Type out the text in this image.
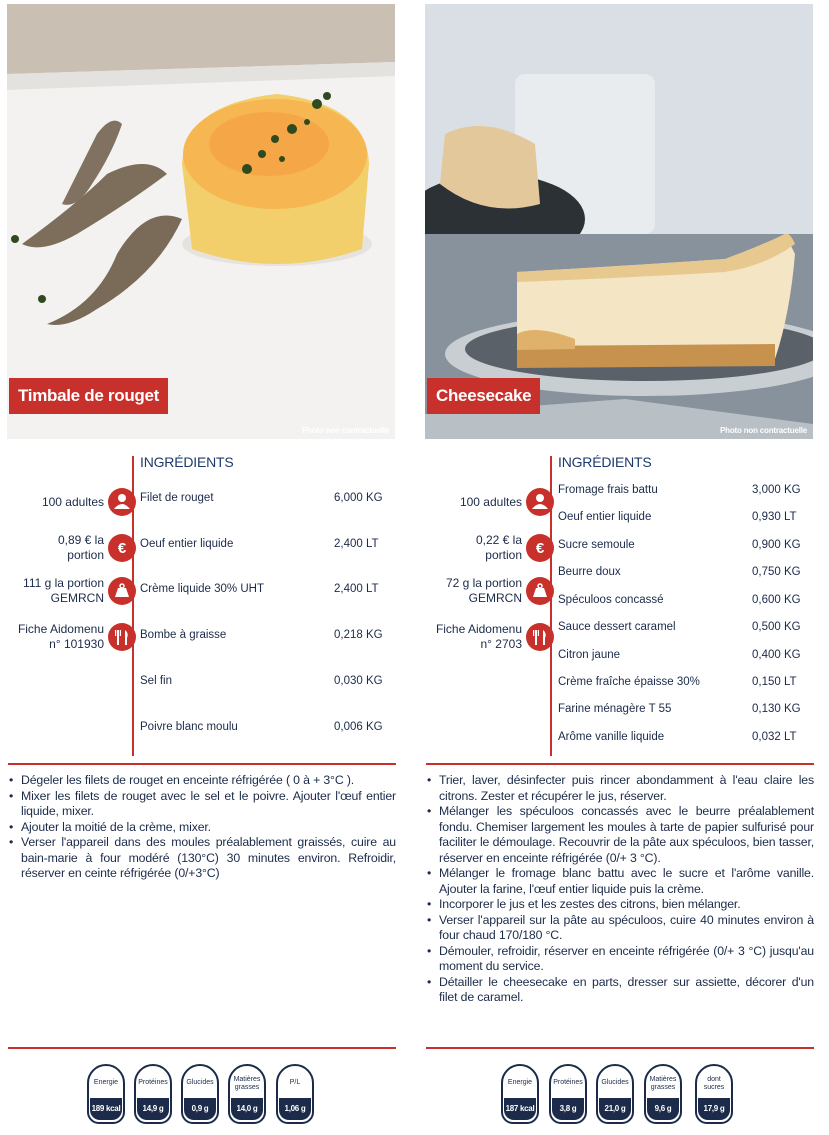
Timbale de rouget
Photo non contractuelle
100 adultes
0,89 € la
portion €
111 g la portion
GEMRCN
Fiche Aidomenu
n° 101930
INGRÉDIENTS
Filet de rouget	6,000 KG
Oeuf entier liquide	2,400 LT
Crème liquide 30% UHT	2,400 LT
Bombe à graisse	0,218 KG
Sel fin	0,030 KG
Poivre blanc moulu	0,006 KG
• Dégeler les filets de rouget en enceinte réfrigérée ( 0 à + 3°C ).
• Mixer les filets de rouget avec le sel et le poivre. Ajouter l'œuf entier liquide, mixer.
• Ajouter la moitié de la crème, mixer.
• Verser l'appareil dans des moules préalablement graissés, cuire au bain-marie à four modéré (130°C) 30 minutes environ. Refroidir, réserver en ceinte réfrigérée (0/+3°C)
Energie
189 kcal
Protéines
14,9 g
Glucides
0,9 g
Matières grasses
14,0 g
P/L
1,06 g
Cheesecake
Photo non contractuelle
100 adultes
0,22 € la
portion €
72 g la portion
GEMRCN
Fiche Aidomenu
n° 2703
INGRÉDIENTS
Fromage frais battu	3,000 KG
Oeuf entier liquide	0,930 LT
Sucre semoule	0,900 KG
Beurre doux	0,750 KG
Spéculoos concassé	0,600 KG
Sauce dessert caramel	0,500 KG
Citron jaune	0,400 KG
Crème fraîche épaisse 30%	0,150 LT
Farine ménagère T 55	0,130 KG
Arôme vanille liquide	0,032 LT
• Trier, laver, désinfecter puis rincer abondamment à l'eau claire les citrons. Zester et récupérer le jus, réserver.
• Mélanger les spéculoos concassés avec le beurre préalablement fondu. Chemiser largement les moules à tarte de papier sulfurisé pour faciliter le démoulage. Recouvrir de la pâte aux spéculoos, bien tasser, réserver en enceinte réfrigérée (0/+ 3 °C).
• Mélanger le fromage blanc battu avec le sucre et l'arôme vanille. Ajouter la farine, l'œuf entier liquide puis la crème.
• Incorporer le jus et les zestes des citrons, bien mélanger.
• Verser l'appareil sur la pâte au spéculoos, cuire 40 minutes environ à four chaud 170/180 °C.
• Démouler, refroidir, réserver en enceinte réfrigérée (0/+ 3 °C) jusqu'au moment du service.
• Détailler le cheesecake en parts, dresser sur assiette, décorer d'un filet de caramel.
Energie
187 kcal
Protéines
3,8 g
Glucides
21,0 g
Matières grasses
9,6 g
dont sucres
17,9 g
